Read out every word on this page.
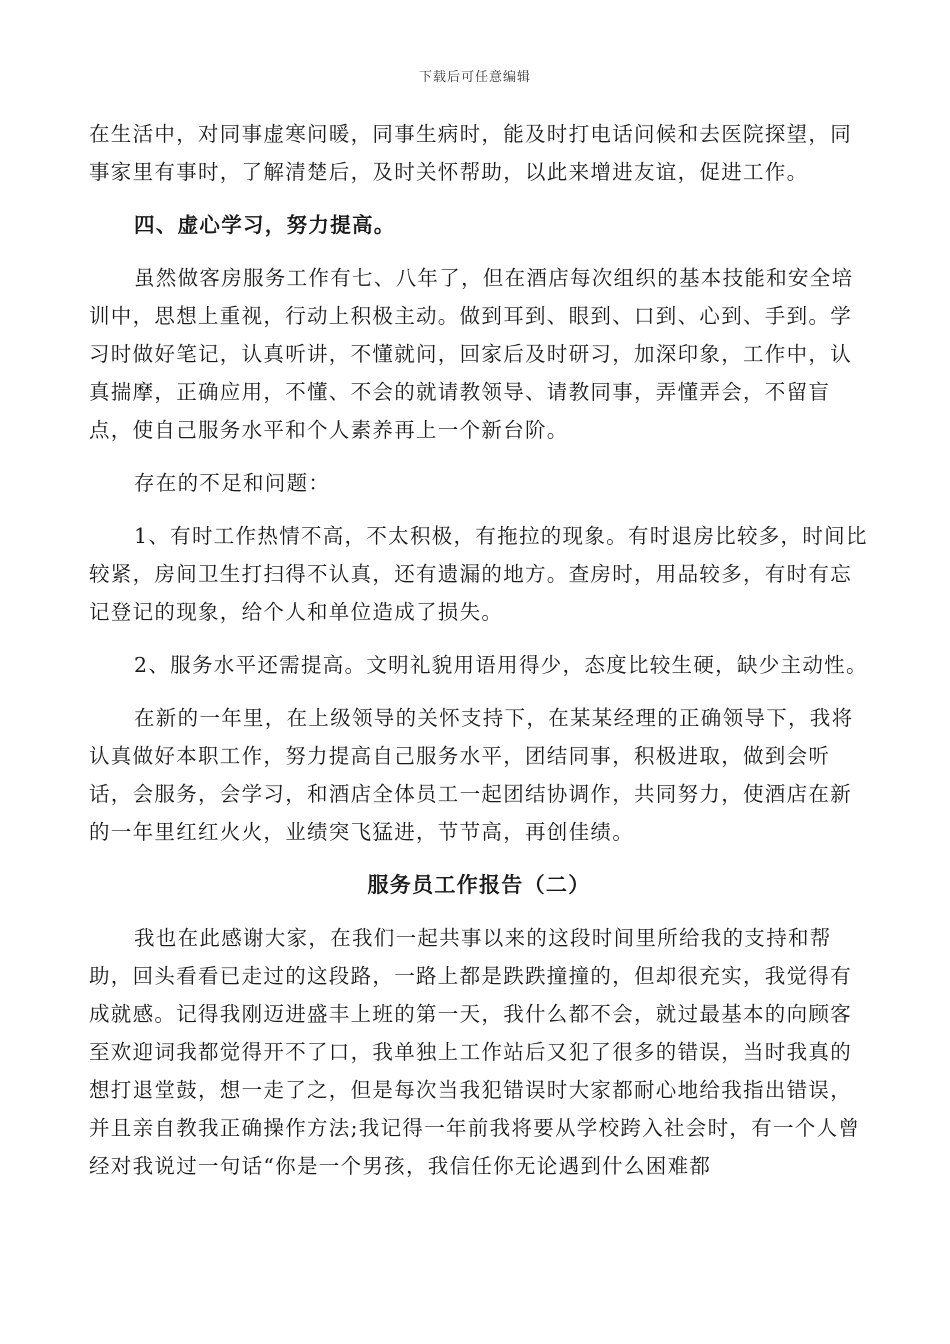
下载后可任意编辑

在生活中，对同事虚寒问暖，同事生病时，能及时打电话问候和去医院探望，同事家里有事时，了解清楚后，及时关怀帮助，以此来增进友谊，促进工作。

四、虚心学习，努力提高。

虽然做客房服务工作有七、八年了，但在酒店每次组织的基本技能和安全培训中，思想上重视，行动上积极主动。做到耳到、眼到、口到、心到、手到。学习时做好笔记，认真听讲，不懂就问，回家后及时研习，加深印象，工作中，认真揣摩，正确应用，不懂、不会的就请教领导、请教同事，弄懂弄会，不留盲点，使自己服务水平和个人素养再上一个新台阶。

存在的不足和问题：

1、有时工作热情不高，不太积极，有拖拉的现象。有时退房比较多，时间比较紧，房间卫生打扫得不认真，还有遗漏的地方。查房时，用品较多，有时有忘记登记的现象，给个人和单位造成了损失。

2、服务水平还需提高。文明礼貌用语用得少，态度比较生硬，缺少主动性。

在新的一年里，在上级领导的关怀支持下，在某某经理的正确领导下，我将认真做好本职工作，努力提高自己服务水平，团结同事，积极进取，做到会听话，会服务，会学习，和酒店全体员工一起团结协调作，共同努力，使酒店在新的一年里红红火火，业绩突飞猛进，节节高，再创佳绩。

服务员工作报告（二）

我也在此感谢大家，在我们一起共事以来的这段时间里所给我的支持和帮助，回头看看已走过的这段路，一路上都是跌跌撞撞的，但却很充实，我觉得有成就感。记得我刚迈进盛丰上班的第一天，我什么都不会，就过最基本的向顾客至欢迎词我都觉得开不了口，我单独上工作站后又犯了很多的错误，当时我真的想打退堂鼓，想一走了之，但是每次当我犯错误时大家都耐心地给我指出错误，并且亲自教我正确操作方法;我记得一年前我将要从学校跨入社会时，有一个人曾经对我说过一句话“你是一个男孩，我信任你无论遇到什么困难都
